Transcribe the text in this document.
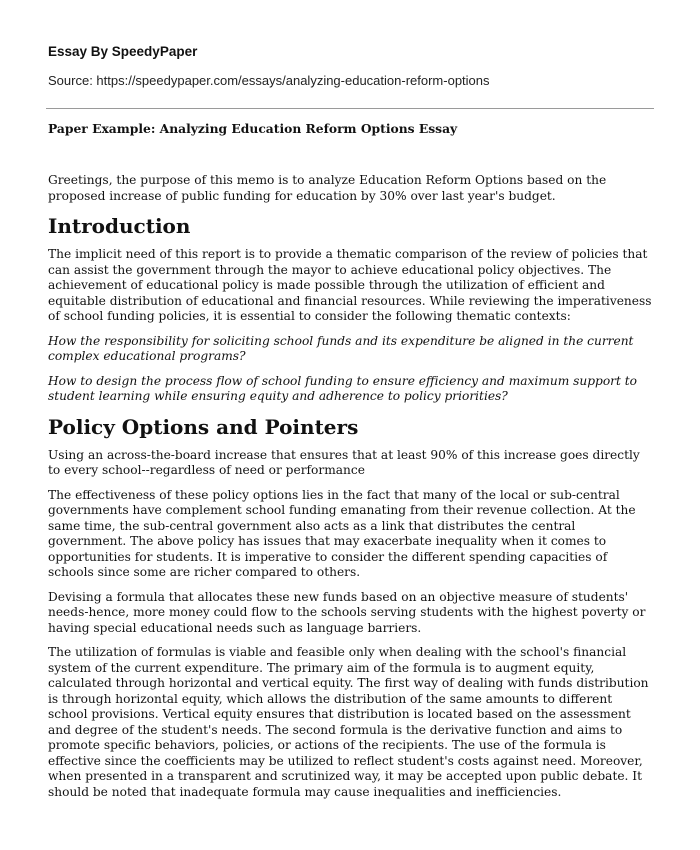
Essay By SpeedyPaper

Source: https://speedypaper.com/essays/analyzing-education-reform-options

Paper Example: Analyzing Education Reform Options Essay

Greetings, the purpose of this memo is to analyze Education Reform Options based on the proposed increase of public funding for education by 30% over last year's budget.

Introduction

The implicit need of this report is to provide a thematic comparison of the review of policies that can assist the government through the mayor to achieve educational policy objectives. The achievement of educational policy is made possible through the utilization of efficient and equitable distribution of educational and financial resources. While reviewing the imperativeness of school funding policies, it is essential to consider the following thematic contexts:

How the responsibility for soliciting school funds and its expenditure be aligned in the current complex educational programs?

How to design the process flow of school funding to ensure efficiency and maximum support to student learning while ensuring equity and adherence to policy priorities?

Policy Options and Pointers

Using an across-the-board increase that ensures that at least 90% of this increase goes directly to every school--regardless of need or performance

The effectiveness of these policy options lies in the fact that many of the local or sub-central governments have complement school funding emanating from their revenue collection. At the same time, the sub-central government also acts as a link that distributes the central government. The above policy has issues that may exacerbate inequality when it comes to opportunities for students. It is imperative to consider the different spending capacities of schools since some are richer compared to others.

Devising a formula that allocates these new funds based on an objective measure of students' needs-hence, more money could flow to the schools serving students with the highest poverty or having special educational needs such as language barriers.

The utilization of formulas is viable and feasible only when dealing with the school's financial system of the current expenditure. The primary aim of the formula is to augment equity, calculated through horizontal and vertical equity. The first way of dealing with funds distribution is through horizontal equity, which allows the distribution of the same amounts to different school provisions. Vertical equity ensures that distribution is located based on the assessment and degree of the student's needs. The second formula is the derivative function and aims to promote specific behaviors, policies, or actions of the recipients. The use of the formula is effective since the coefficients may be utilized to reflect student's costs against need. Moreover, when presented in a transparent and scrutinized way, it may be accepted upon public debate. It should be noted that inadequate formula may cause inequalities and inefficiencies.
